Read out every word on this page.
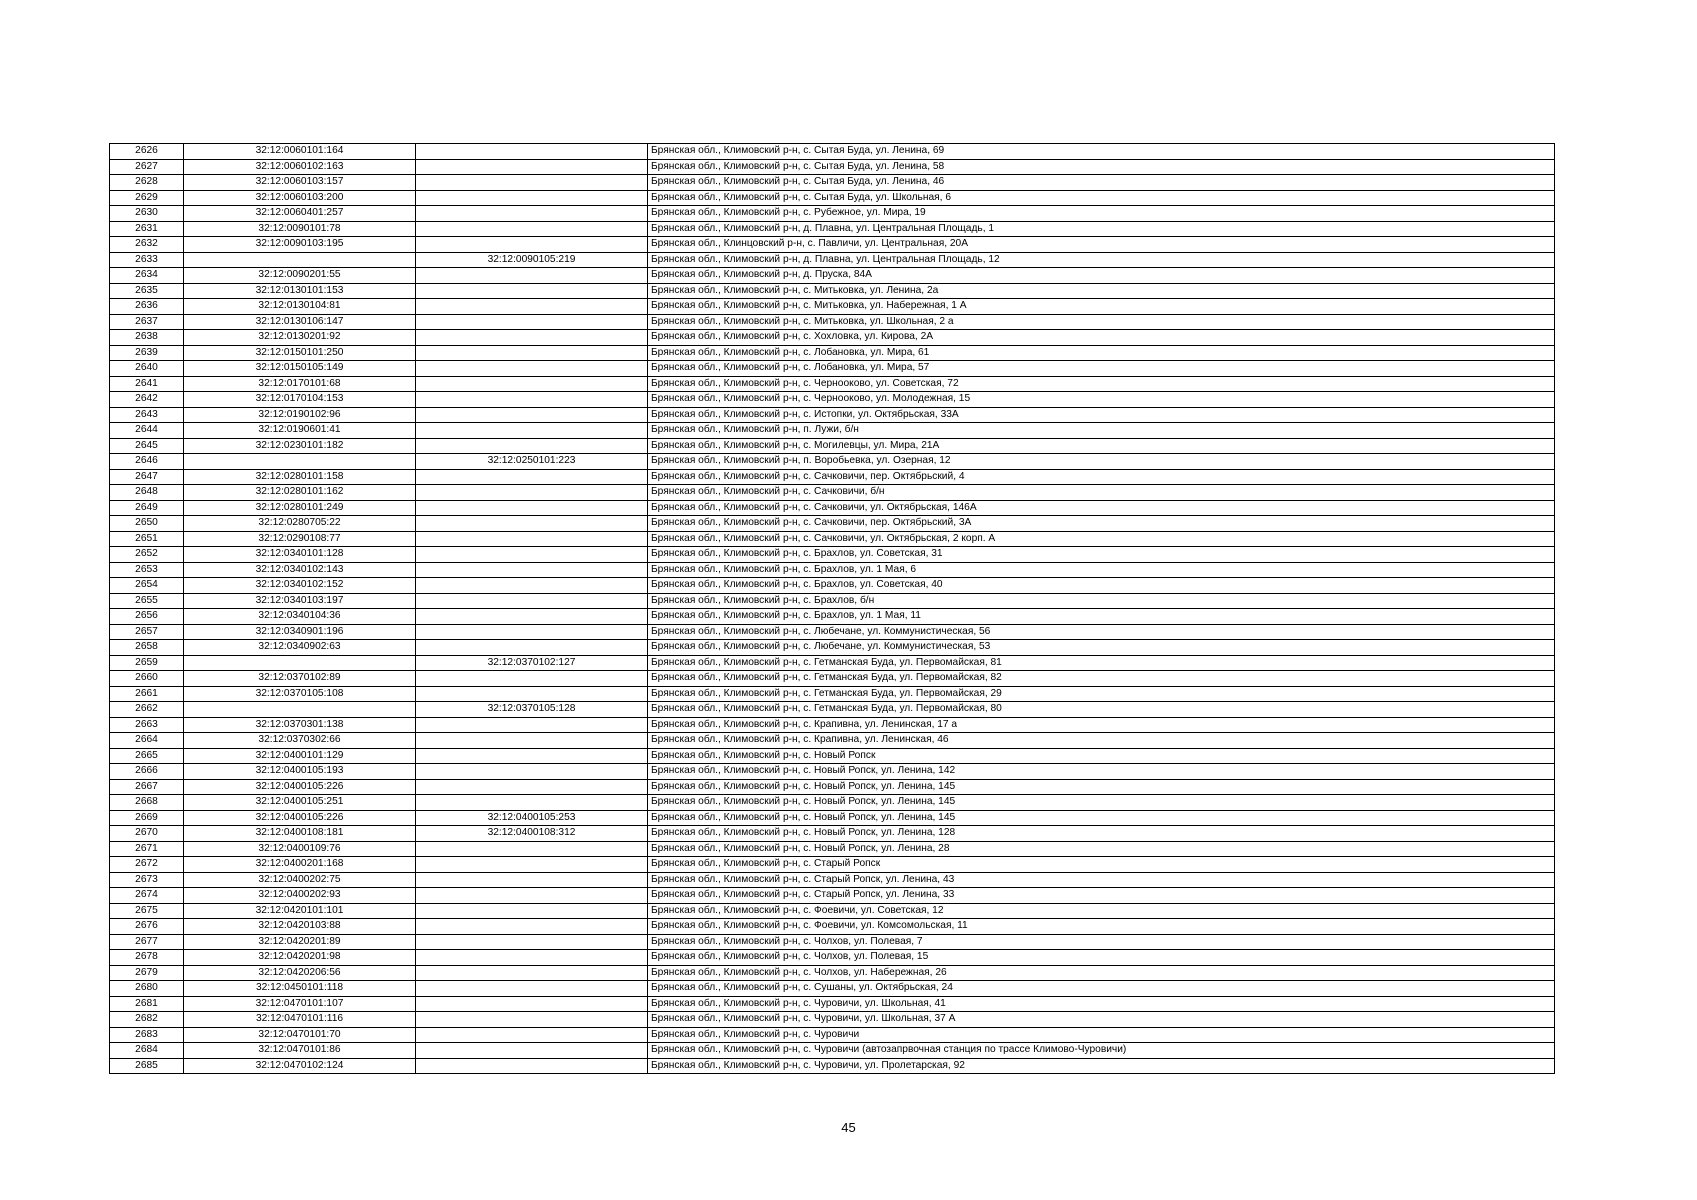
2626	32:12:0060101:164		Брянская обл., Климовский р-н, с. Сытая Буда, ул. Ленина, 69
2627	32:12:0060102:163		Брянская обл., Климовский р-н, с. Сытая Буда, ул. Ленина, 58
2628	32:12:0060103:157		Брянская обл., Климовский р-н, с. Сытая Буда, ул. Ленина, 46
2629	32:12:0060103:200		Брянская обл., Климовский р-н, с. Сытая Буда, ул. Школьная, 6
2630	32:12:0060401:257		Брянская обл., Климовский р-н, с. Рубежное, ул. Мира, 19
2631	32:12:0090101:78		Брянская обл., Климовский р-н, д. Плавна, ул. Центральная Площадь, 1
2632	32:12:0090103:195		Брянская обл., Клинцовский р-н, с. Павличи, ул. Центральная, 20А
2633		32:12:0090105:219	Брянская обл., Климовский р-н, д. Плавна, ул. Центральная Площадь, 12
2634	32:12:0090201:55		Брянская обл., Климовский р-н, д. Пруска, 84А
2635	32:12:0130101:153		Брянская обл., Климовский р-н, с. Митьковка, ул. Ленина, 2а
2636	32:12:0130104:81		Брянская обл., Климовский р-н, с. Митьковка, ул. Набережная, 1 А
2637	32:12:0130106:147		Брянская обл., Климовский р-н, с. Митьковка, ул. Школьная, 2 а
2638	32:12:0130201:92		Брянская обл., Климовский р-н, с. Хохловка, ул. Кирова, 2А
2639	32:12:0150101:250		Брянская обл., Климовский р-н, с. Лобановка, ул. Мира, 61
2640	32:12:0150105:149		Брянская обл., Климовский р-н, с. Лобановка, ул. Мира, 57
2641	32:12:0170101:68		Брянская обл., Климовский р-н, с. Чернооково, ул. Советская, 72
2642	32:12:0170104:153		Брянская обл., Климовский р-н, с. Чернооково, ул. Молодежная, 15
2643	32:12:0190102:96		Брянская обл., Климовский р-н, с. Истопки, ул. Октябрьская, 33А
2644	32:12:0190601:41		Брянская обл., Климовский р-н, п. Лужи, б/н
2645	32:12:0230101:182		Брянская обл., Климовский р-н, с. Могилевцы, ул. Мира, 21А
2646		32:12:0250101:223	Брянская обл., Климовский р-н, п. Воробьевка, ул. Озерная, 12
2647	32:12:0280101:158		Брянская обл., Климовский р-н, с. Сачковичи, пер. Октябрьский, 4
2648	32:12:0280101:162		Брянская обл., Климовский р-н, с. Сачковичи, б/н
2649	32:12:0280101:249		Брянская обл., Климовский р-н, с. Сачковичи, ул. Октябрьская, 146А
2650	32:12:0280705:22		Брянская обл., Климовский р-н, с. Сачковичи, пер. Октябрьский, 3А
2651	32:12:0290108:77		Брянская обл., Климовский р-н, с. Сачковичи, ул. Октябрьская, 2 корп. А
2652	32:12:0340101:128		Брянская обл., Климовский р-н, с. Брахлов, ул. Советская, 31
2653	32:12:0340102:143		Брянская обл., Климовский р-н, с. Брахлов, ул. 1 Мая, 6
2654	32:12:0340102:152		Брянская обл., Климовский р-н, с. Брахлов, ул. Советская, 40
2655	32:12:0340103:197		Брянская обл., Климовский р-н, с. Брахлов, б/н
2656	32:12:0340104:36		Брянская обл., Климовский р-н, с. Брахлов, ул. 1 Мая, 11
2657	32:12:0340901:196		Брянская обл., Климовский р-н, с. Любечане, ул. Коммунистическая, 56
2658	32:12:0340902:63		Брянская обл., Климовский р-н, с. Любечане, ул. Коммунистическая, 53
2659		32:12:0370102:127	Брянская обл., Климовский р-н, с. Гетманская Буда, ул. Первомайская, 81
2660	32:12:0370102:89		Брянская обл., Климовский р-н, с. Гетманская Буда, ул. Первомайская, 82
2661	32:12:0370105:108		Брянская обл., Климовский р-н, с. Гетманская Буда, ул. Первомайская, 29
2662		32:12:0370105:128	Брянская обл., Климовский р-н, с. Гетманская Буда, ул. Первомайская, 80
2663	32:12:0370301:138		Брянская обл., Климовский р-н, с. Крапивна, ул. Ленинская, 17 а
2664	32:12:0370302:66		Брянская обл., Климовский р-н, с. Крапивна, ул. Ленинская, 46
2665	32:12:0400101:129		Брянская обл., Климовский р-н, с. Новый Ропск
2666	32:12:0400105:193		Брянская обл., Климовский р-н, с. Новый Ропск, ул. Ленина, 142
2667	32:12:0400105:226		Брянская обл., Климовский р-н, с. Новый Ропск, ул. Ленина, 145
2668	32:12:0400105:251		Брянская обл., Климовский р-н, с. Новый Ропск, ул. Ленина, 145
2669	32:12:0400105:226	32:12:0400105:253	Брянская обл., Климовский р-н, с. Новый Ропск, ул. Ленина, 145
2670	32:12:0400108:181	32:12:0400108:312	Брянская обл., Климовский р-н, с. Новый Ропск, ул. Ленина, 128
2671	32:12:0400109:76		Брянская обл., Климовский р-н, с. Новый Ропск, ул. Ленина, 28
2672	32:12:0400201:168		Брянская обл., Климовский р-н, с. Старый Ропск
2673	32:12:0400202:75		Брянская обл., Климовский р-н, с. Старый Ропск, ул. Ленина, 43
2674	32:12:0400202:93		Брянская обл., Климовский р-н, с. Старый Ропск, ул. Ленина, 33
2675	32:12:0420101:101		Брянская обл., Климовский р-н, с. Фоевичи, ул. Советская, 12
2676	32:12:0420103:88		Брянская обл., Климовский р-н, с. Фоевичи, ул. Комсомольская, 11
2677	32:12:0420201:89		Брянская обл., Климовский р-н, с. Чолхов, ул. Полевая, 7
2678	32:12:0420201:98		Брянская обл., Климовский р-н, с. Чолхов, ул. Полевая, 15
2679	32:12:0420206:56		Брянская обл., Климовский р-н, с. Чолхов, ул. Набережная, 26
2680	32:12:0450101:118		Брянская обл., Климовский р-н, с. Сушаны, ул. Октябрьская, 24
2681	32:12:0470101:107		Брянская обл., Климовский р-н, с. Чуровичи, ул. Школьная, 41
2682	32:12:0470101:116		Брянская обл., Климовский р-н, с. Чуровичи, ул. Школьная, 37 А
2683	32:12:0470101:70		Брянская обл., Климовский р-н, с. Чуровичи
2684	32:12:0470101:86		Брянская обл., Климовский р-н, с. Чуровичи (автозапрвочная станция по трассе Климово-Чуровичи)
2685	32:12:0470102:124		Брянская обл., Климовский р-н, с. Чуровичи, ул. Пролетарская, 92
45
